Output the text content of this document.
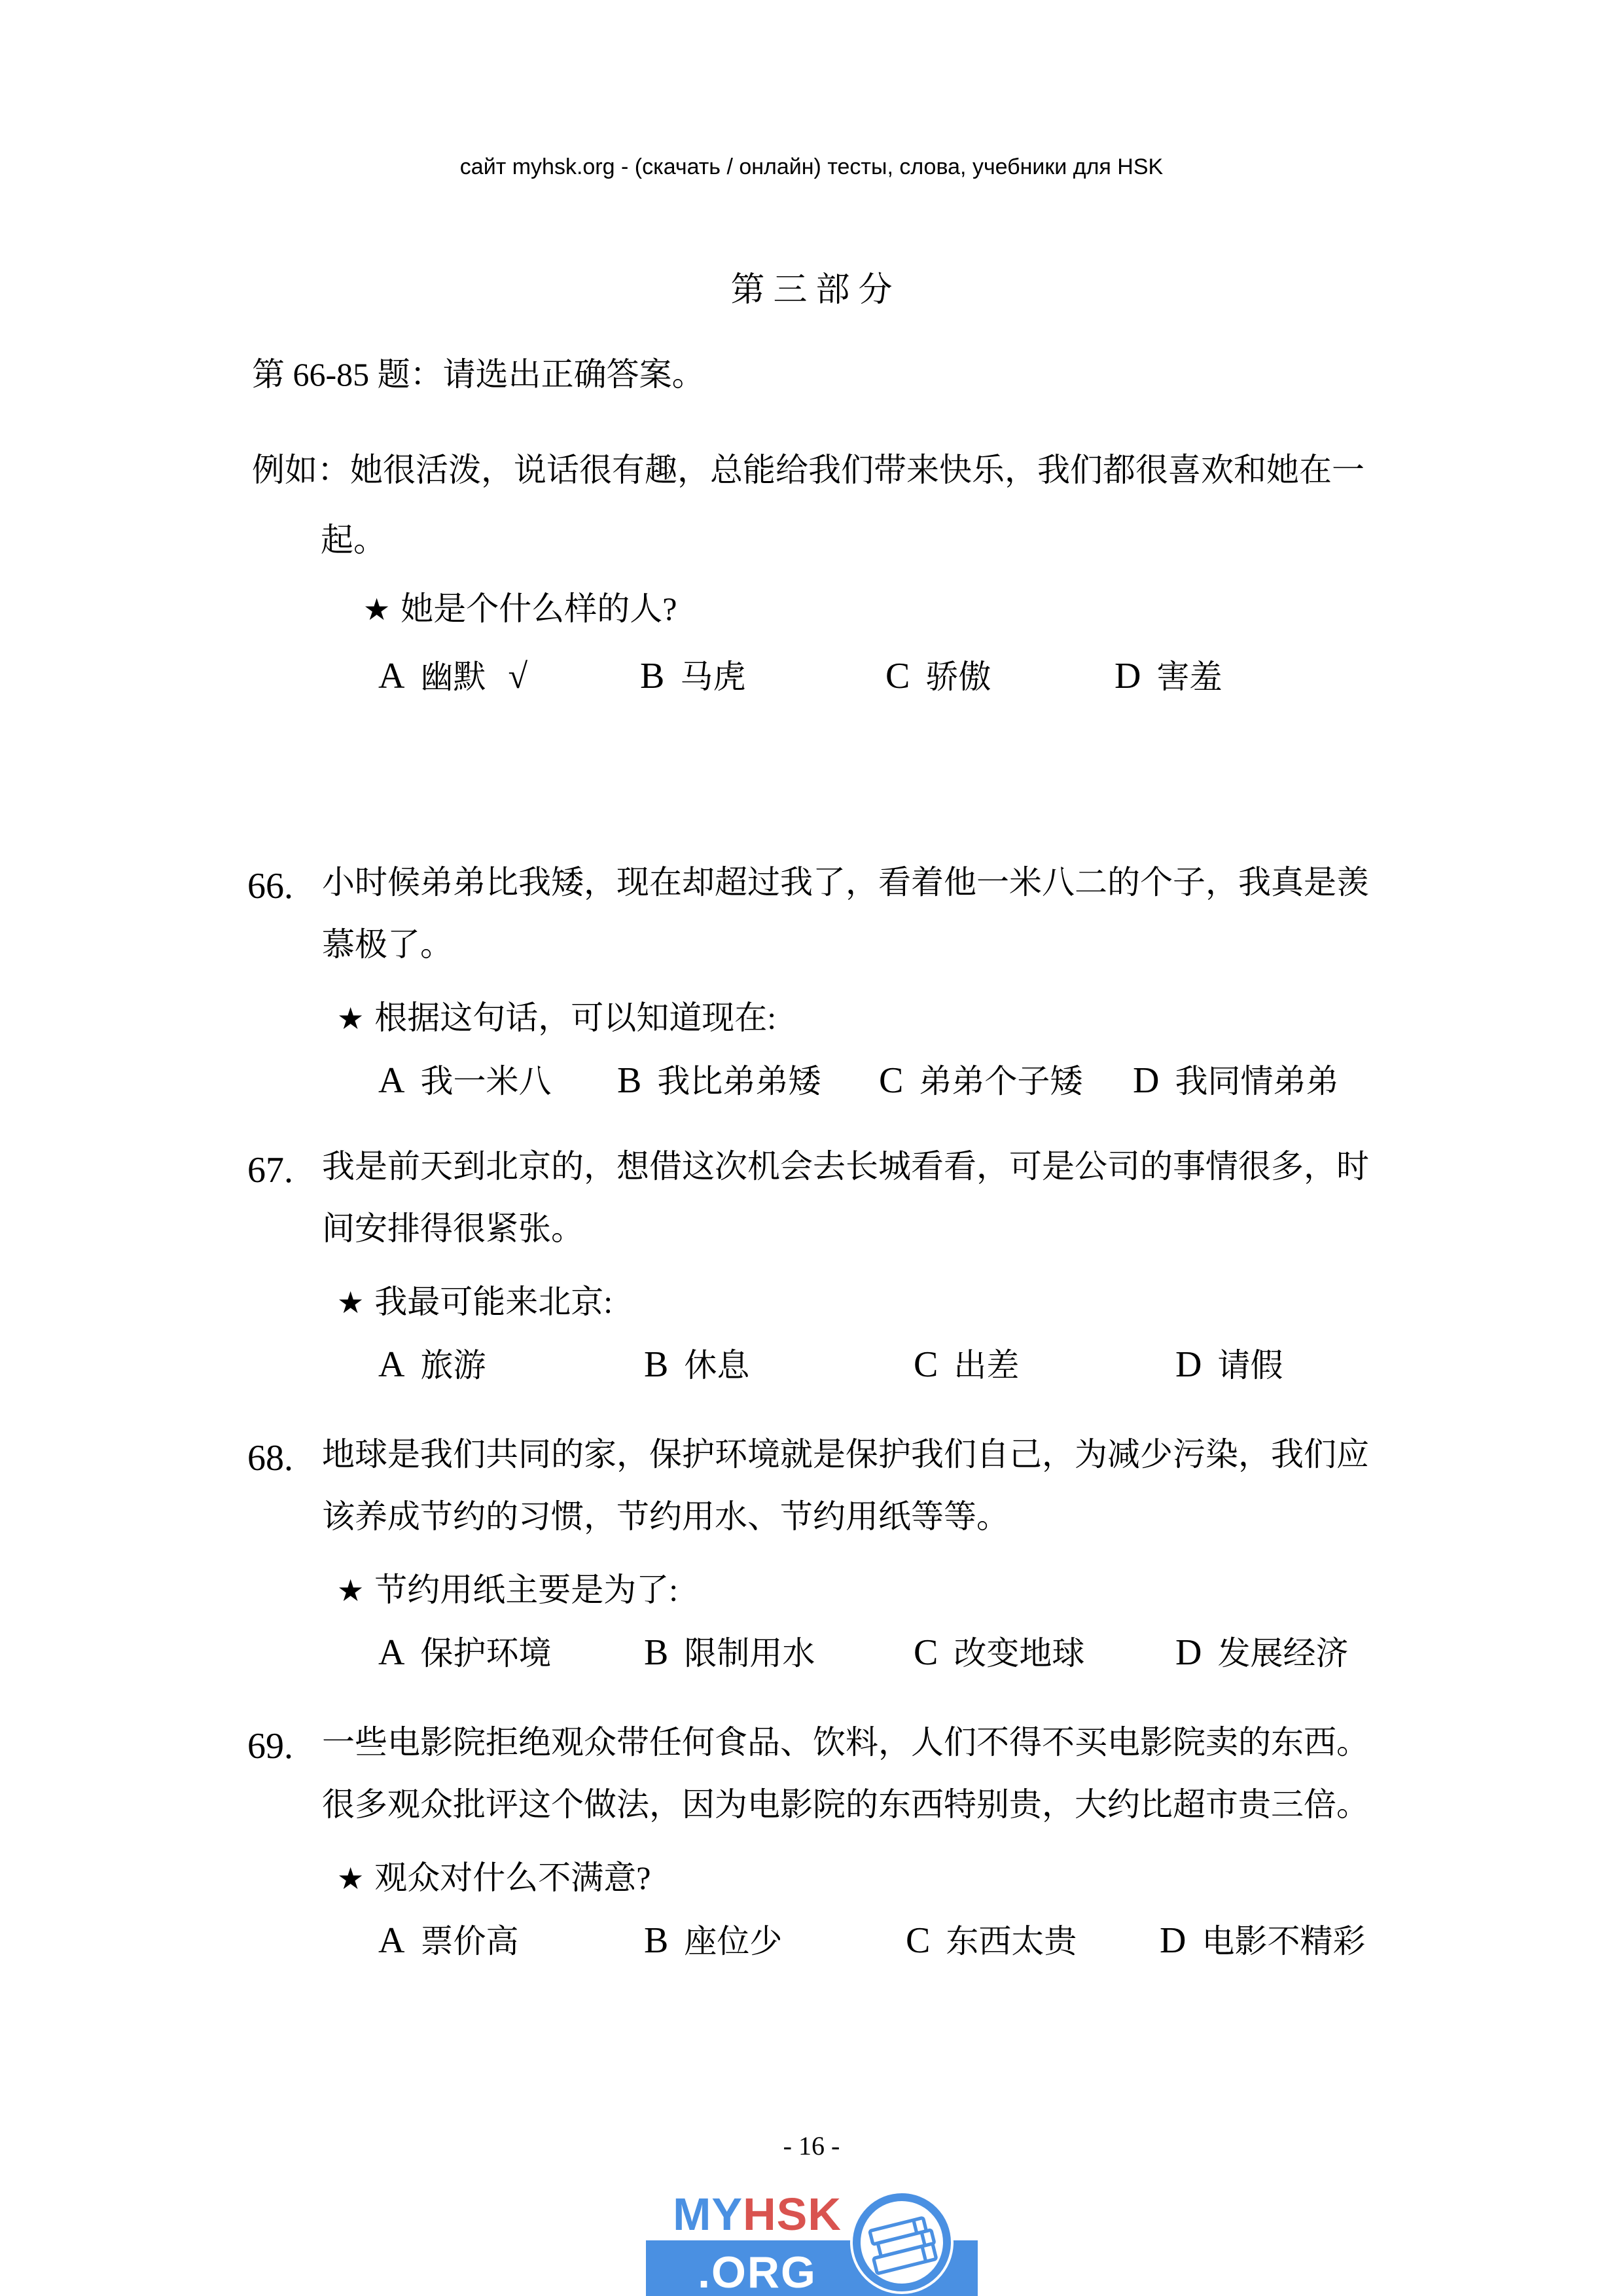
сайт myhsk.org - (скачать / онлайн) тесты, слова, учебники для HSK
第 三 部 分
第 66-85 题：请选出正确答案。
例如：她很活泼，说话很有趣，总能给我们带来快乐，我们都很喜欢和她在一
起。
★ 她是个什么样的人?
A 幽默 √	B 马虎	C 骄傲	D 害羞
66. 小时候弟弟比我矮，现在却超过我了，看着他一米八二的个子，我真是羡
慕极了。
★ 根据这句话，可以知道现在:
A 我一米八	B 我比弟弟矮	C 弟弟个子矮	D 我同情弟弟
67. 我是前天到北京的，想借这次机会去长城看看，可是公司的事情很多，时
间安排得很紧张。
★ 我最可能来北京:
A 旅游	B 休息	C 出差	D 请假
68. 地球是我们共同的家，保护环境就是保护我们自己，为减少污染，我们应
该养成节约的习惯，节约用水、节约用纸等等。
★ 节约用纸主要是为了:
A 保护环境	B 限制用水	C 改变地球	D 发展经济
69. 一些电影院拒绝观众带任何食品、饮料，人们不得不买电影院卖的东西。
很多观众批评这个做法，因为电影院的东西特别贵，大约比超市贵三倍。
★ 观众对什么不满意?
A 票价高	B 座位少	C 东西太贵	D 电影不精彩
- 16 -
MYHSK
.ORG
